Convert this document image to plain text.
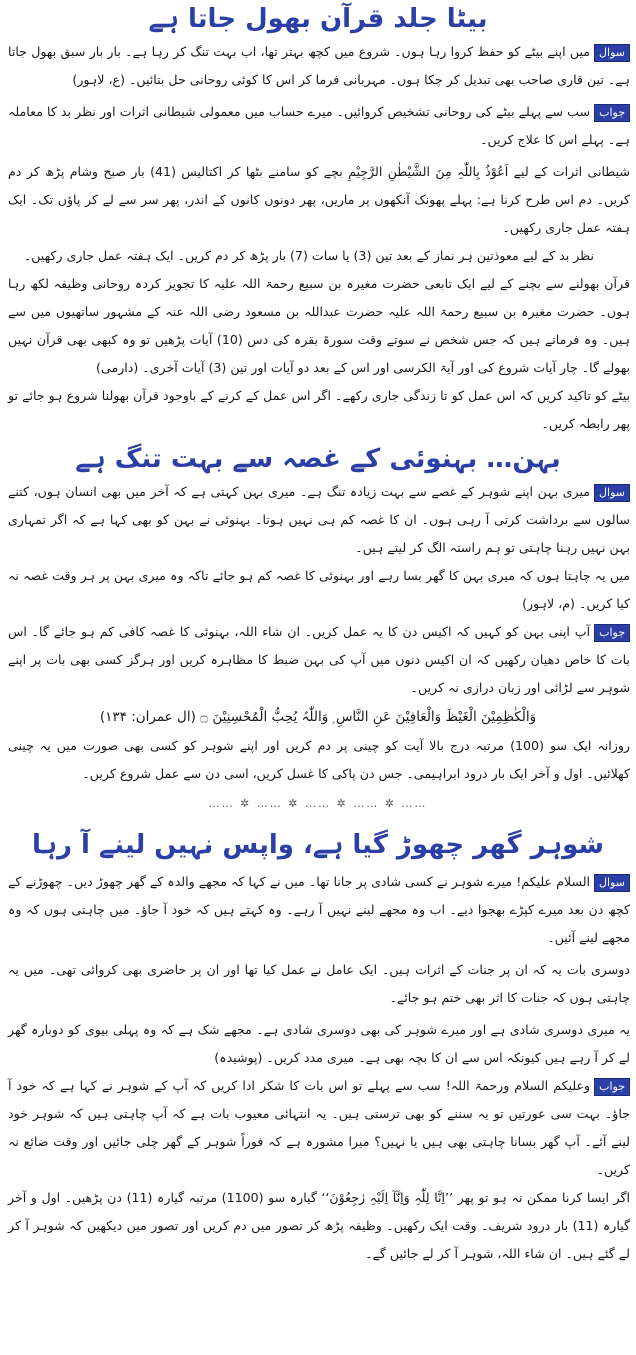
بیٹا جلد قرآن بھول جاتا ہے

سوالمیں اپنے بیٹے کو حفظ کروا رہا ہوں۔ شروع میں کچھ بہتر تھا، اب بہت تنگ کر رہا ہے۔ بار بار سبق بھول جاتا ہے۔ تین قاری صاحب بھی تبدیل کر چکا ہوں۔ مہربانی فرما کر اس کا کوئی روحانی حل بتائیں۔ (ع، لاہور)

جوابسب سے پہلے بیٹے کی روحانی تشخیص کروائیں۔ میرے حساب میں معمولی شیطانی اثرات اور نظر بد کا معاملہ ہے۔ پہلے اس کا علاج کریں۔

شیطانی اثرات کے لیے اَعُوْذُ بِاللّٰہِ مِنَ الشَّیْطٰنِ الرَّجِیْمِ بچے کو سامنے بٹھا کر اکتالیس (41) بار صبح وشام پڑھ کر دم کریں۔ دم اس طرح کرنا ہے: پہلے پھونک آنکھوں پر ماریں، پھر دونوں کانوں کے اندر، پھر سر سے لے کر پاؤں تک۔ ایک ہفتہ عمل جاری رکھیں۔

نظر بد کے لیے معوذتین ہر نماز کے بعد تین (3) یا سات (7) بار پڑھ کر دم کریں۔ ایک ہفتہ عمل جاری رکھیں۔

قرآن بھولنے سے بچنے کے لیے ایک تابعی حضرت مغیرہ بن سبیع رحمۃ اللہ علیہ کا تجویز کردہ روحانی وظیفہ لکھ رہا ہوں۔ حضرت مغیرہ بن سبیع رحمۃ اللہ علیہ حضرت عبداللہ بن مسعود رضی اللہ عنہ کے مشہور ساتھیوں میں سے ہیں۔ وہ فرماتے ہیں کہ جس شخص نے سوتے وقت سورۃ بقرہ کی دس (10) آیات پڑھیں تو وہ کبھی بھی قرآن نہیں بھولے گا۔ چار آیات شروع کی اور آیۃ الکرسی اور اس کے بعد دو آیات اور تین (3) آیات آخری۔ (دارمی)

بیٹے کو تاکید کریں کہ اس عمل کو تا زندگی جاری رکھے۔ اگر اس عمل کے کرنے کے باوجود قرآن بھولنا شروع ہو جائے تو پھر رابطہ کریں۔

بہن… بہنوئی کے غصہ سے بہت تنگ ہے

سوالمیری بہن اپنے شوہر کے غصے سے بہت زیادہ تنگ ہے۔ میری بہن کہتی ہے کہ آخر میں بھی انسان ہوں، کتنے سالوں سے برداشت کرتی آ رہی ہوں۔ ان کا غصہ کم ہی نہیں ہوتا۔ بہنوئی نے بہن کو بھی کہا ہے کہ اگر تمہاری بہن نہیں رہنا چاہتی تو ہم راستہ الگ کر لیتے ہیں۔

میں یہ چاہتا ہوں کہ میری بہن کا گھر بسا رہے اور بہنوئی کا غصہ کم ہو جائے تاکہ وہ میری بہن پر ہر وقت غصہ نہ کیا کریں۔ (م، لاہور)

جوابآپ اپنی بہن کو کہیں کہ اکیس دن کا یہ عمل کریں۔ ان شاء اللہ، بہنوئی کا غصہ کافی کم ہو جائے گا۔ اس بات کا خاص دھیان رکھیں کہ ان اکیس دنوں میں آپ کی بہن ضبط کا مظاہرہ کریں اور ہرگز کسی بھی بات پر اپنے شوہر سے لڑائی اور زبان درازی نہ کریں۔

وَالْکٰظِمِیْنَ الْغَیْظَ وَالْعَافِیْنَ عَنِ النَّاسِ ۭ وَاللّٰہُ یُحِبُّ الْمُحْسِنِیْنَ ۝ (ال عمران: ۱۳۴)

روزانہ ایک سو (100) مرتبہ درج بالا آیت کو چینی پر دم کریں اور اپنے شوہر کو کسی بھی صورت میں یہ چینی کھلائیں۔ اول و آخر ایک بار درود ابراہیمی۔ جس دن پاکی کا غسل کریں، اسی دن سے عمل شروع کریں۔

…… ✲ …… ✲ …… ✲ …… ✲ ……
شوہر گھر چھوڑ گیا ہے، واپس نہیں لینے آ رہا

سوالالسلام علیکم! میرے شوہر نے کسی شادی پر جانا تھا۔ میں نے کہا کہ مجھے والدہ کے گھر چھوڑ دیں۔ چھوڑنے کے کچھ دن بعد میرے کپڑے بھجوا دیے۔ اب وہ مجھے لینے نہیں آ رہے۔ وہ کہتے ہیں کہ خود آ جاؤ۔ میں چاہتی ہوں کہ وہ مجھے لینے آئیں۔

دوسری بات یہ کہ ان پر جنات کے اثرات ہیں۔ ایک عامل نے عمل کیا تھا اور ان پر حاضری بھی کروائی تھی۔ میں یہ چاہتی ہوں کہ جنات کا اثر بھی ختم ہو جائے۔

یہ میری دوسری شادی ہے اور میرے شوہر کی بھی دوسری شادی ہے۔ مجھے شک ہے کہ وہ پہلی بیوی کو دوبارہ گھر لے کر آ رہے ہیں کیونکہ اس سے ان کا بچہ بھی ہے۔ میری مدد کریں۔ (پوشیدہ)

جوابوعلیکم السلام ورحمۃ اللہ! سب سے پہلے تو اس بات کا شکر ادا کریں کہ آپ کے شوہر نے کہا ہے کہ خود آ جاؤ۔ بہت سی عورتیں تو یہ سننے کو بھی ترستی ہیں۔ یہ انتہائی معیوب بات ہے کہ آپ چاہتی ہیں کہ شوہر خود لینے آئے۔ آپ گھر بسانا چاہتی بھی ہیں یا نہیں؟ میرا مشورہ ہے کہ فوراً شوہر کے گھر چلی جائیں اور وقت ضائع نہ کریں۔

اگر ایسا کرنا ممکن نہ ہو تو پھر ’’اِنَّا لِلّٰہِ وَاِنَّآ اِلَیْہِ رٰجِعُوْنَ‘‘ گیارہ سو (1100) مرتبہ گیارہ (11) دن پڑھیں۔ اول و آخر گیارہ (11) بار درود شریف۔ وقت ایک رکھیں۔ وظیفہ پڑھ کر تصور میں دم کریں اور تصور میں دیکھیں کہ شوہر آ کر لے گئے ہیں۔ ان شاء اللہ، شوہر آ کر لے جائیں گے۔
